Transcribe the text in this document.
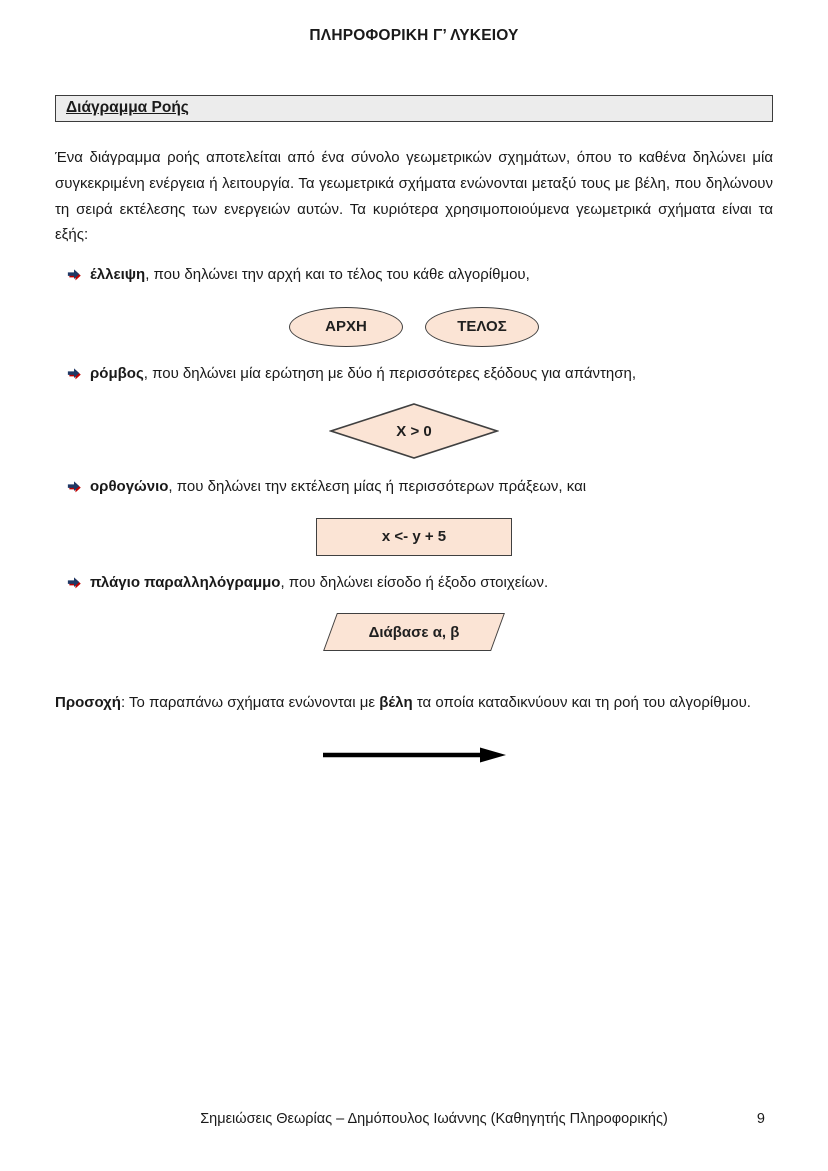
ΠΛΗΡΟΦΟΡΙΚΗ Γ’ ΛΥΚΕΙΟΥ
Διάγραμμα Ροής

Ένα διάγραμμα ροής αποτελείται από ένα σύνολο γεωμετρικών σχημάτων, όπου το καθένα δηλώνει μία συγκεκριμένη ενέργεια ή λειτουργία. Τα γεωμετρικά σχήματα ενώνονται μεταξύ τους με βέλη, που δηλώνουν τη σειρά εκτέλεσης των ενεργειών αυτών. Τα κυριότερα χρησιμοποιούμενα γεωμετρικά σχήματα είναι τα εξής:

έλλειψη, που δηλώνει την αρχή και το τέλος του κάθε αλγορίθμου,
ΑΡΧΗ	ΤΕΛΟΣ
ρόμβος, που δηλώνει μία ερώτηση με δύο ή περισσότερες εξόδους για απάντηση,
Χ > 0
ορθογώνιο, που δηλώνει την εκτέλεση μίας ή περισσότερων πράξεων, και
x <- y + 5
πλάγιο παραλληλόγραμμο, που δηλώνει είσοδο ή έξοδο στοιχείων.
Διάβασε α, β

Προσοχή: Το παραπάνω σχήματα ενώνονται με βέλη τα οποία καταδικνύουν και τη ροή του αλγορίθμου.

Σημειώσεις Θεωρίας – Δημόπουλος Ιωάννης (Καθηγητής Πληροφορικής)	9
